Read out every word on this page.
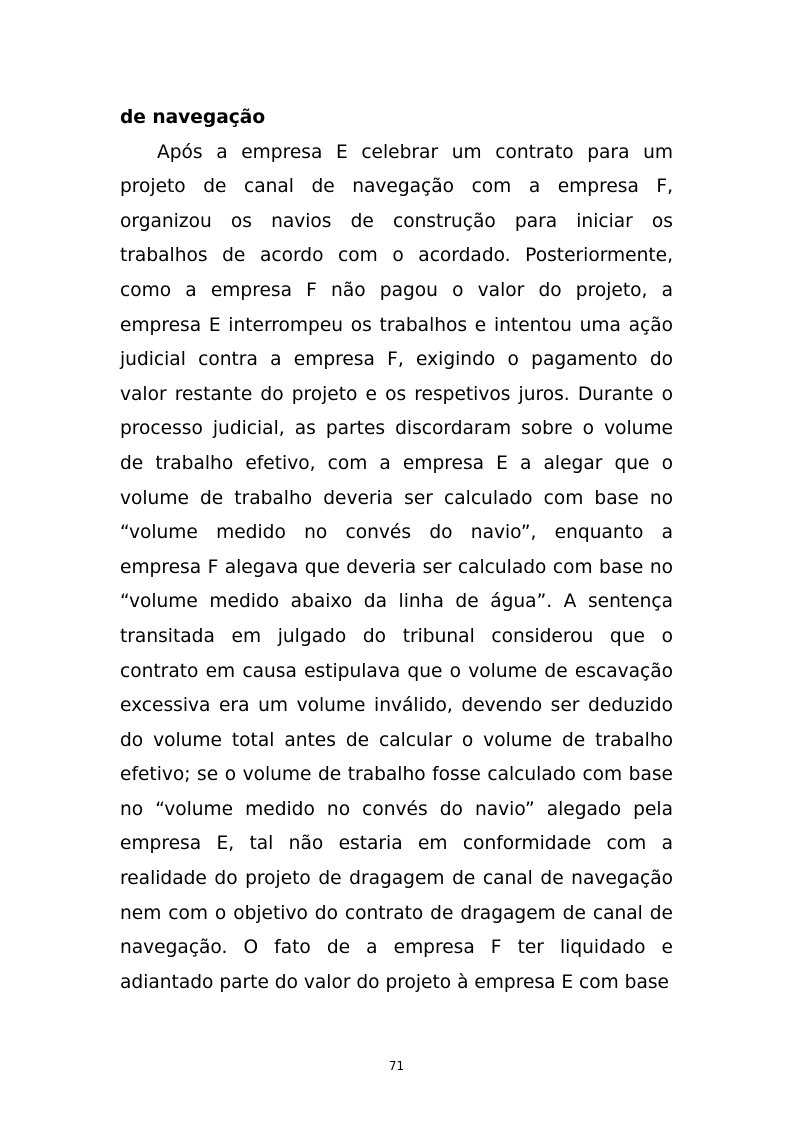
de navegação

Após a empresa E celebrar um contrato para um projeto de canal de navegação com a empresa F, organizou os navios de construção para iniciar os trabalhos de acordo com o acordado. Posteriormente, como a empresa F não pagou o valor do projeto, a empresa E interrompeu os trabalhos e intentou uma ação judicial contra a empresa F, exigindo o pagamento do valor restante do projeto e os respetivos juros. Durante o processo judicial, as partes discordaram sobre o volume de trabalho efetivo, com a empresa E a alegar que o volume de trabalho deveria ser calculado com base no “volume medido no convés do navio”, enquanto a empresa F alegava que deveria ser calculado com base no “volume medido abaixo da linha de água”. A sentença transitada em julgado do tribunal considerou que o contrato em causa estipulava que o volume de escavação excessiva era um volume inválido, devendo ser deduzido do volume total antes de calcular o volume de trabalho efetivo; se o volume de trabalho fosse calculado com base no “volume medido no convés do navio” alegado pela empresa E, tal não estaria em conformidade com a realidade do projeto de dragagem de canal de navegação nem com o objetivo do contrato de dragagem de canal de navegação. O fato de a empresa F ter liquidado e adiantado parte do valor do projeto à empresa E com base

71
